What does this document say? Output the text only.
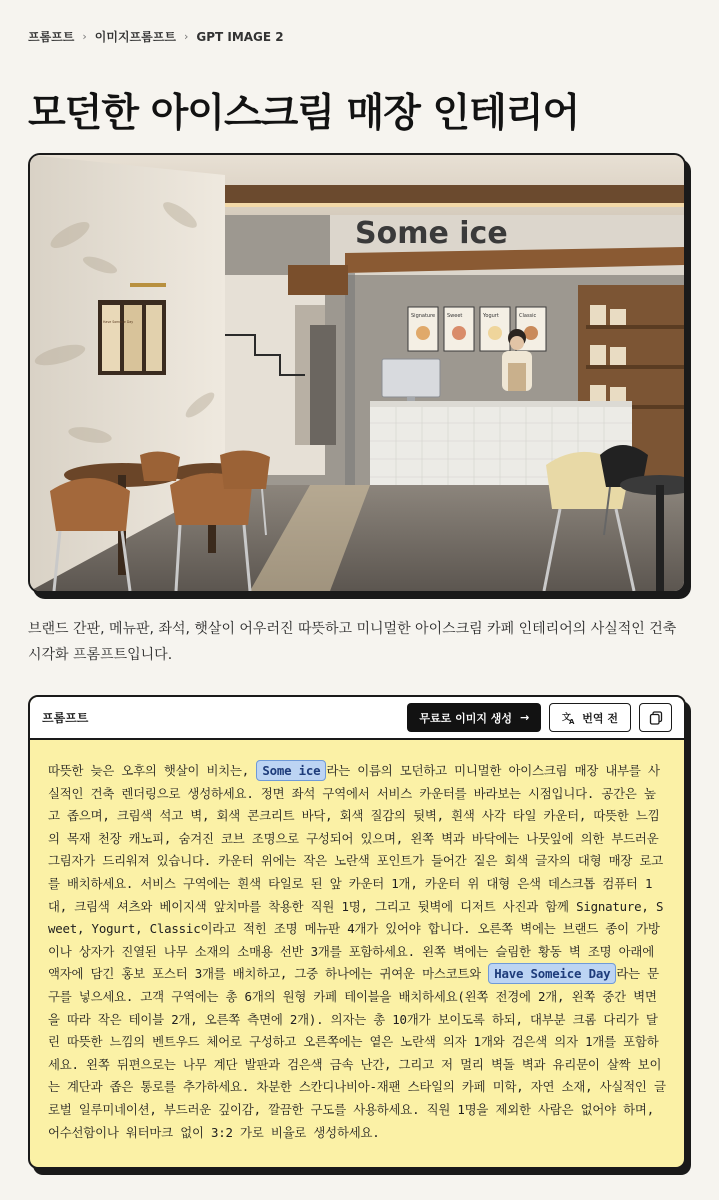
프롬프트 › 이미지프롬프트 › GPT IMAGE 2
모던한 아이스크림 매장 인테리어
Some ice
Signature Sweet	Yogurt	Classic
Have Someice Day

브랜드 간판, 메뉴판, 좌석, 햇살이 어우러진 따뜻하고 미니멀한 아이스크림 카페 인테리어의 사실적인 건축 시각화 프롬프트입니다.

프롬프트	무료로 이미지 생성 →	文
A 번역 전
따뜻한 늦은 오후의 햇살이 비치는, Some ice 라는 이름의 모던하고 미니멀한 아이스크림 매장 내부를 사실적인 건축 렌더링으로 생성하세요. 정면 좌석 구역에서 서비스 카운터를 바라보는 시점입니다. 공간은 높고 좁으며, 크림색 석고 벽, 회색 콘크리트 바닥, 회색 질감의 뒷벽, 흰색 사각 타일 카운터, 따뜻한 느낌의 목재 천장 캐노피, 숨겨진 코브 조명으로 구성되어 있으며, 왼쪽 벽과 바닥에는 나뭇잎에 의한 부드러운 그림자가 드리워져 있습니다. 카운터 위에는 작은 노란색 포인트가 들어간 짙은 회색 글자의 대형 매장 로고를 배치하세요. 서비스 구역에는 흰색 타일로 된 앞 카운터 1개, 카운터 위 대형 은색 데스크톱 컴퓨터 1대, 크림색 셔츠와 베이지색 앞치마를 착용한 직원 1명, 그리고 뒷벽에 디저트 사진과 함께 Signature, Sweet, Yogurt, Classic이라고 적힌 조명 메뉴판 4개가 있어야 합니다. 오른쪽 벽에는 브랜드 종이 가방이나 상자가 진열된 나무 소재의 소매용 선반 3개를 포함하세요. 왼쪽 벽에는 슬림한 황동 벽 조명 아래에 액자에 담긴 홍보 포스터 3개를 배치하고, 그중 하나에는 귀여운 마스코트와 Have Someice Day 라는 문구를 넣으세요. 고객 구역에는 총 6개의 원형 카페 테이블을 배치하세요(왼쪽 전경에 2개, 왼쪽 중간 벽면을 따라 작은 테이블 2개, 오른쪽 측면에 2개). 의자는 총 10개가 보이도록 하되, 대부분 크롬 다리가 달린 따뜻한 느낌의 벤트우드 체어로 구성하고 오른쪽에는 옅은 노란색 의자 1개와 검은색 의자 1개를 포함하세요. 왼쪽 뒤편으로는 나무 계단 발판과 검은색 금속 난간, 그리고 저 멀리 벽돌 벽과 유리문이 살짝 보이는 계단과 좁은 통로를 추가하세요. 차분한 스칸디나비아-재팬 스타일의 카페 미학, 자연 소재, 사실적인 글로벌 일루미네이션, 부드러운 깊이감, 깔끔한 구도를 사용하세요. 직원 1명을 제외한 사람은 없어야 하며, 어수선함이나 워터마크 없이 3:2 가로 비율로 생성하세요.
